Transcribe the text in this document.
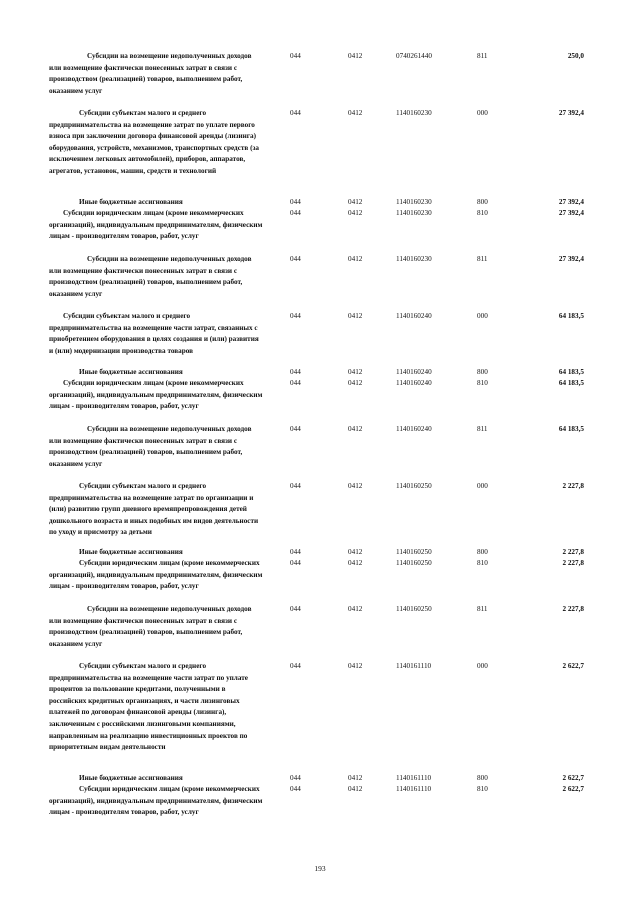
Субсидии на возмещение недополученных доходов или возмещение фактически понесенных затрат в связи с производством (реализацией) товаров, выполнением работ, оказанием услуг
044	0412	0740261440	811	250,0
Субсидии субъектам малого и среднего предпринимательства на возмещение затрат по уплате первого взноса при заключении договора финансовой аренды (лизинга) оборудования, устройств, механизмов, транспортных средств (за исключением легковых автомобилей), приборов, аппаратов, агрегатов, установок, машин, средств и технологий
044	0412	1140160230	000	27 392,4
Иные бюджетные ассигнования	044	0412	1140160230	800	27 392,4
Субсидии юридическим лицам (кроме некоммерческих организаций), индивидуальным предпринимателям, физическим лицам - производителям товаров, работ, услуг
044	0412	1140160230	810	27 392,4
Субсидии на возмещение недополученных доходов или возмещение фактически понесенных затрат в связи с производством (реализацией) товаров, выполнением работ, оказанием услуг
044	0412	1140160230	811	27 392,4
Субсидии субъектам малого и среднего предпринимательства на возмещение части затрат, связанных с приобретением оборудования в целях создания и (или) развития и (или) модернизации производства товаров
044	0412	1140160240	000	64 183,5
Иные бюджетные ассигнования	044	0412	1140160240	800	64 183,5
Субсидии юридическим лицам (кроме некоммерческих организаций), индивидуальным предпринимателям, физическим лицам - производителям товаров, работ, услуг
044	0412	1140160240	810	64 183,5
Субсидии на возмещение недополученных доходов или возмещение фактически понесенных затрат в связи с производством (реализацией) товаров, выполнением работ, оказанием услуг
044	0412	1140160240	811	64 183,5
Субсидии субъектам малого и среднего предпринимательства на возмещение затрат по организации и (или) развитию групп дневного времяпрепровождения детей дошкольного возраста и иных подобных им видов деятельности по уходу и присмотру за детьми
044	0412	1140160250	000	2 227,8
Иные бюджетные ассигнования	044	0412	1140160250	800	2 227,8
Субсидии юридическим лицам (кроме некоммерческих организаций), индивидуальным предпринимателям, физическим лицам - производителям товаров, работ, услуг
044	0412	1140160250	810	2 227,8
Субсидии на возмещение недополученных доходов или возмещение фактически понесенных затрат в связи с производством (реализацией) товаров, выполнением работ, оказанием услуг
044	0412	1140160250	811	2 227,8
Субсидии субъектам малого и среднего предпринимательства на возмещение части затрат по уплате процентов за пользование кредитами, полученными в российских кредитных организациях, и части лизинговых платежей по договорам финансовой аренды (лизинга), заключенным с российскими лизинговыми компаниями, направленным на реализацию инвестиционных проектов по приоритетным видам деятельности
044	0412	1140161110	000	2 622,7
Иные бюджетные ассигнования	044	0412	1140161110	800	2 622,7
Субсидии юридическим лицам (кроме некоммерческих организаций), индивидуальным предпринимателям, физическим лицам - производителям товаров, работ, услуг
044	0412	1140161110	810	2 622,7
193
